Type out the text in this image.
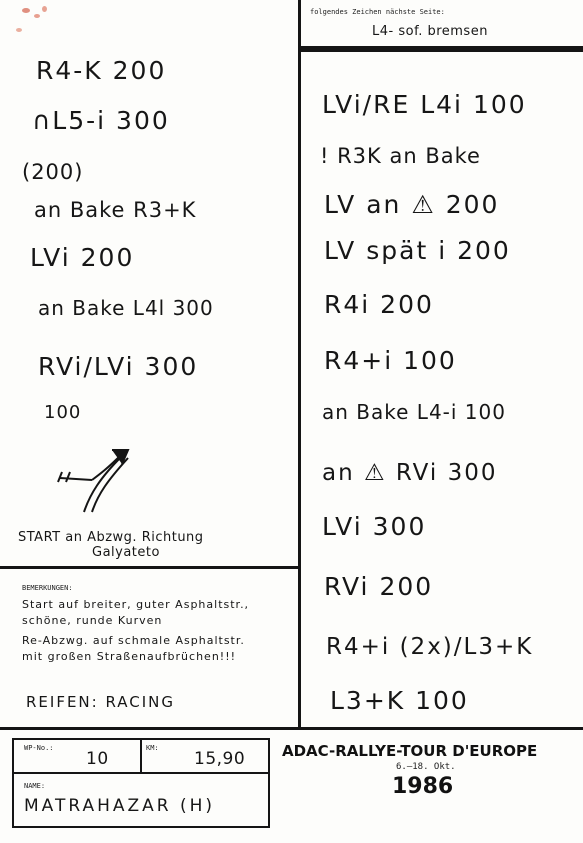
folgendes Zeichen nächste Seite:
L4- sof. bremsen
R4-K 200
∩L5-i 300
(200)
an Bake R3+K
LVi 200
an Bake L4l 300
RVi/LVi 300
100
START an Abzwg. Richtung
Galyateto
BEMERKUNGEN:
Start auf breiter, guter Asphaltstr.,
schöne, runde Kurven
Re-Abzwg. auf schmale Asphaltstr.
mit großen Straßenaufbrüchen!!!
REIFEN: RACING
LVi/RE L4i 100
! R3K an Bake
LV an ⚠ 200
LV spät i 200
R4i 200
R4+i 100
an Bake L4-i 100
an ⚠ RVi 300
LVi 300
RVi 200
R4+i (2x)/L3+K
L3+K 100
WP-No.:
10
KM:
15,90
NAME:
MATRAHAZAR (H)
ADAC-RALLYE-TOUR D'EUROPE
6.–18. Okt.
1986
